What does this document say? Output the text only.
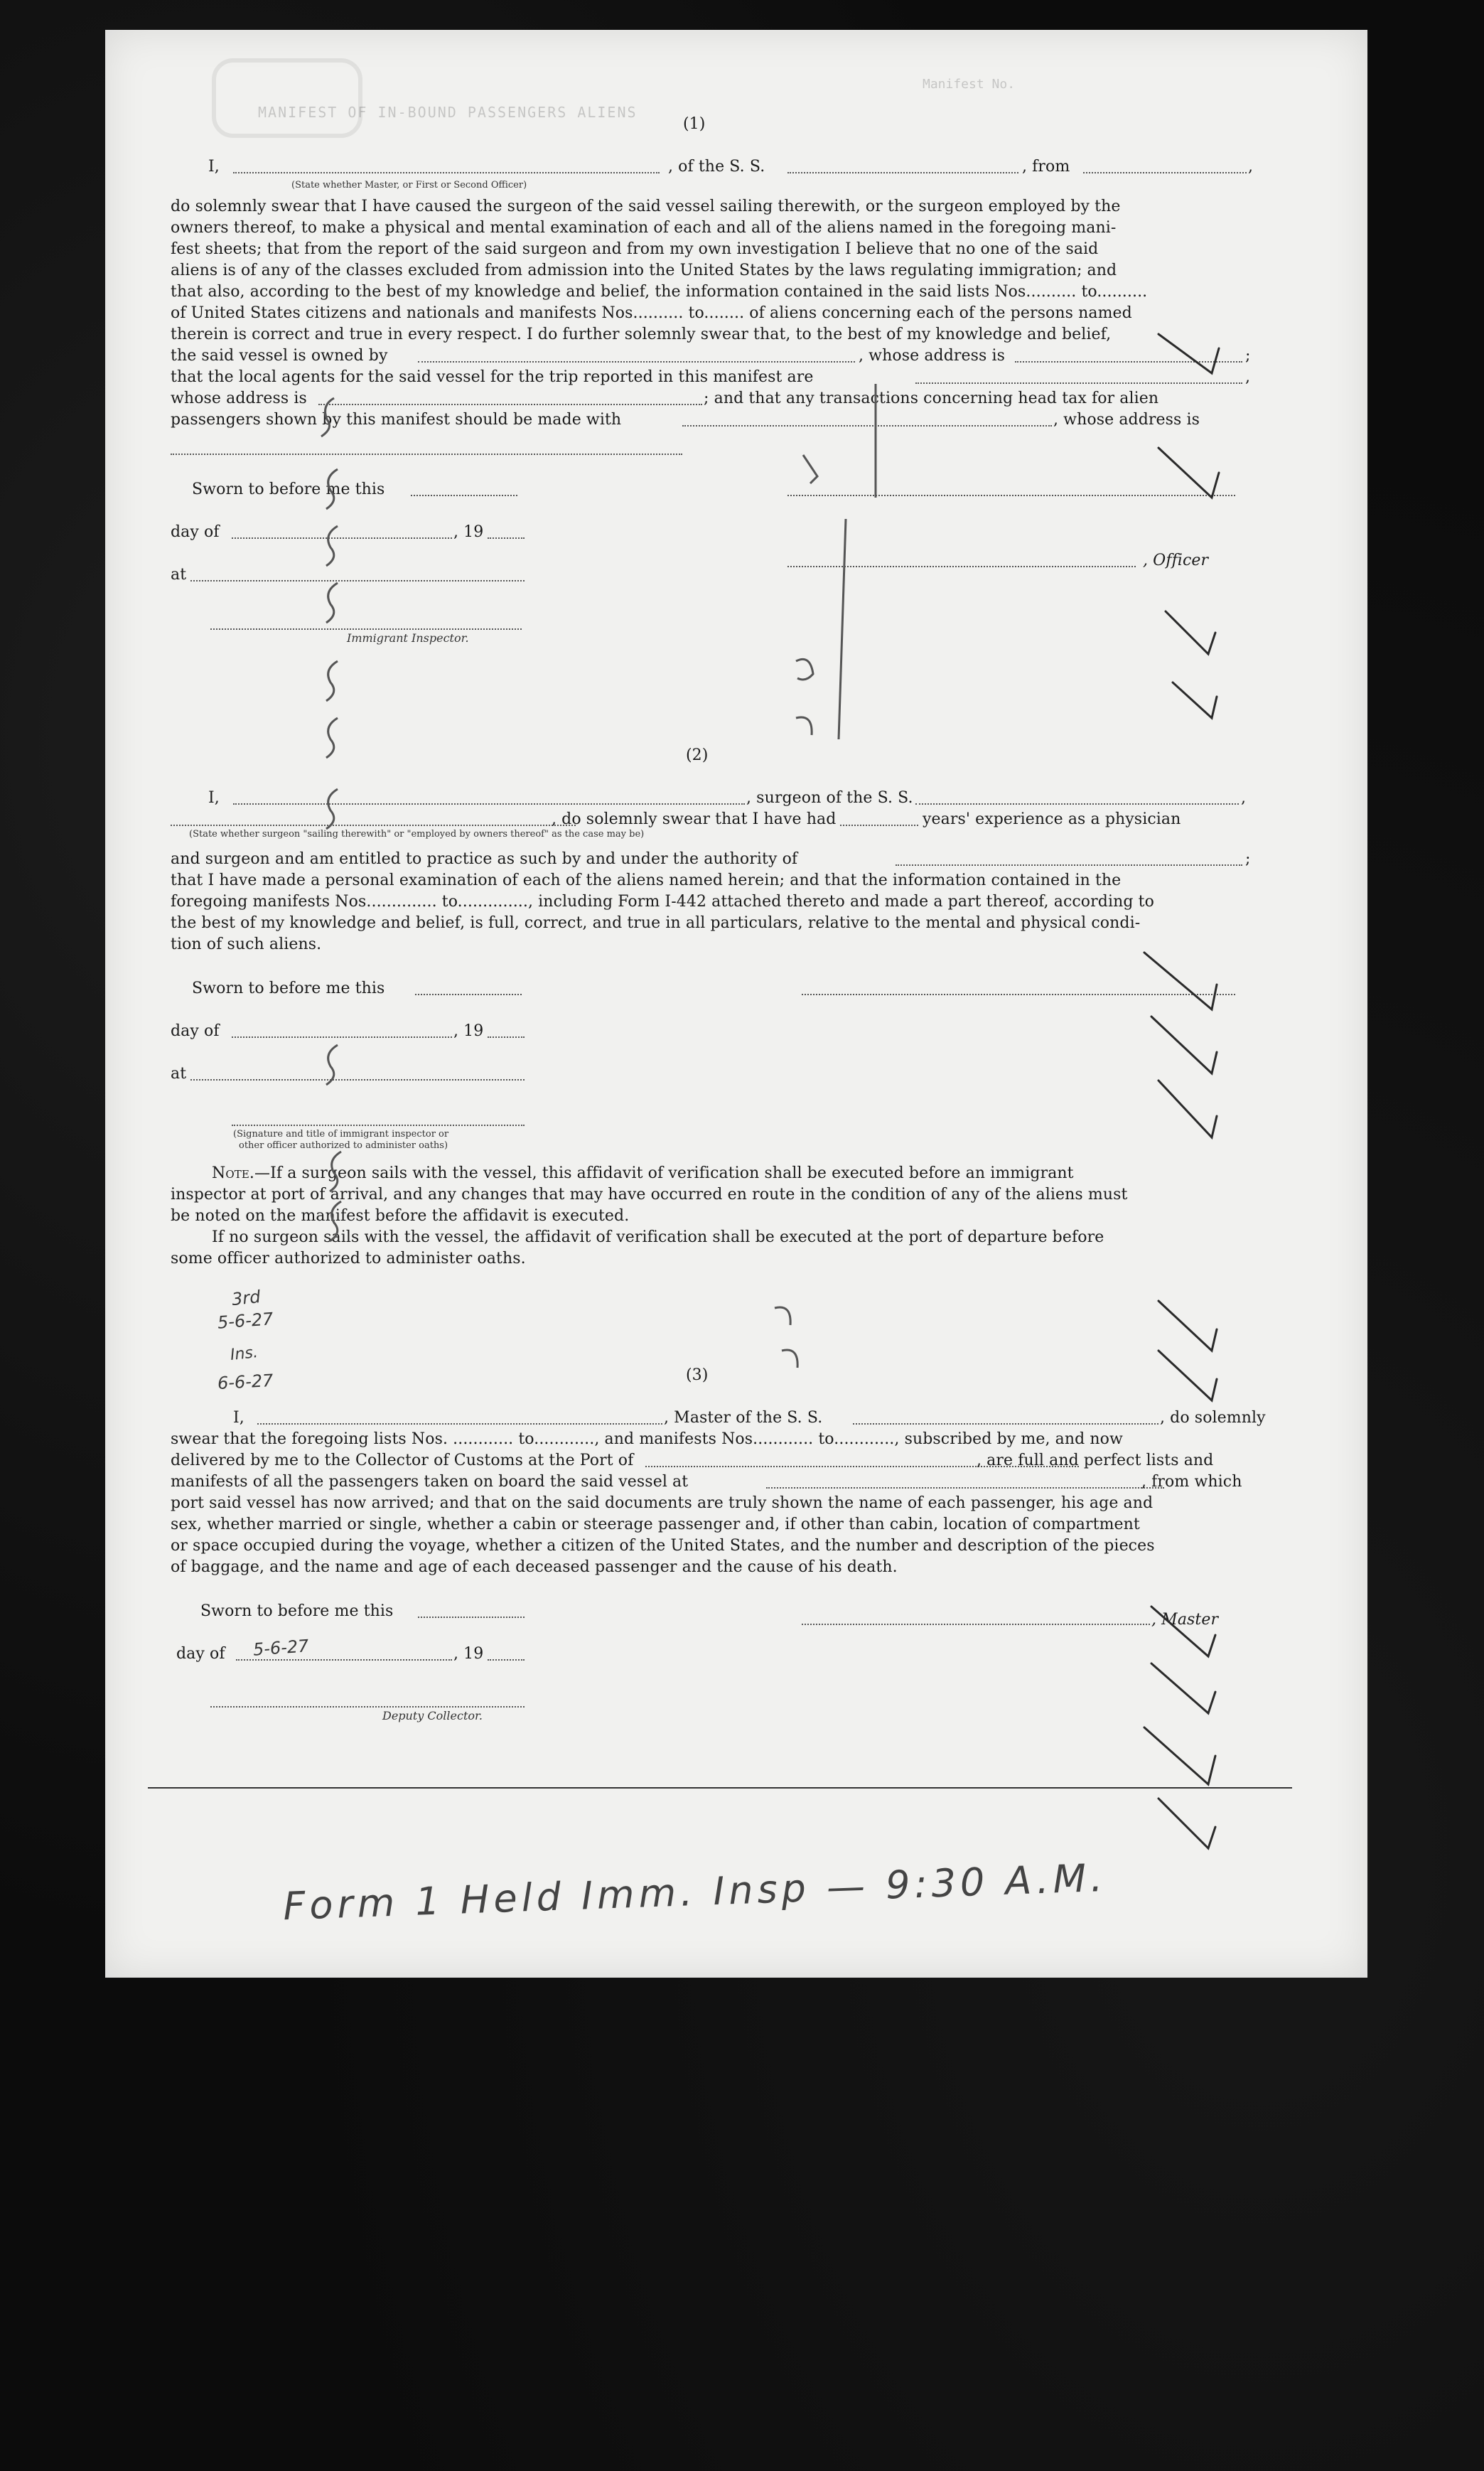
Manifest No.
MANIFEST OF IN-BOUND PASSENGERS ALIENS
(1)
I,	, of the S. S.	, from	,
(State whether Master, or First or Second Officer)
do solemnly swear that I have caused the surgeon of the said vessel sailing therewith, or the surgeon employed by the
owners thereof, to make a physical and mental examination of each and all of the aliens named in the foregoing mani-
fest sheets; that from the report of the said surgeon and from my own investigation I believe that no one of the said
aliens is of any of the classes excluded from admission into the United States by the laws regulating immigration; and
that also, according to the best of my knowledge and belief, the information contained in the said lists Nos.......... to..........
of United States citizens and nationals and manifests Nos.......... to........ of aliens concerning each of the persons named
therein is correct and true in every respect. I do further solemnly swear that, to the best of my knowledge and belief,
the said vessel is owned by	, whose address is	;
that the local agents for the said vessel for the trip reported in this manifest are	,
whose address is	; and that any transactions concerning head tax for alien
passengers shown by this manifest should be made with	, whose address is
Sworn to before me this
day of	, 19
at
Immigrant Inspector.
, Officer
(2)
I,	, surgeon of the S. S.	,
, do solemnly swear that I have had	years' experience as a physician
(State whether surgeon "sailing therewith" or "employed by owners thereof" as the case may be)
and surgeon and am entitled to practice as such by and under the authority of	;
that I have made a personal examination of each of the aliens named herein; and that the information contained in the
foregoing manifests Nos.............. to.............., including Form I-442 attached thereto and made a part thereof, according to
the best of my knowledge and belief, is full, correct, and true in all particulars, relative to the mental and physical condi-
tion of such aliens.
Sworn to before me this
day of	, 19
at
(Signature and title of immigrant inspector or
other officer authorized to administer oaths)
Note.—If a surgeon sails with the vessel, this affidavit of verification shall be executed before an immigrant
inspector at port of arrival, and any changes that may have occurred en route in the condition of any of the aliens must
be noted on the manifest before the affidavit is executed.
If no surgeon sails with the vessel, the affidavit of verification shall be executed at the port of departure before
some officer authorized to administer oaths.
(3)
I,	, Master of the S. S.	, do solemnly
swear that the foregoing lists Nos. ............ to............, and manifests Nos............ to............, subscribed by me, and now
delivered by me to the Collector of Customs at the Port of	, are full and perfect lists and
manifests of all the passengers taken on board the said vessel at	, from which
port said vessel has now arrived; and that on the said documents are truly shown the name of each passenger, his age and
sex, whether married or single, whether a cabin or steerage passenger and, if other than cabin, location of compartment
or space occupied during the voyage, whether a citizen of the United States, and the number and description of the pieces
of baggage, and the name and age of each deceased passenger and the cause of his death.
Sworn to before me this	, Master
day of	, 19
Deputy Collector.
3rd
5-6-27
Ins.
6-6-27
5-6-27
Form 1 Held Imm. Insp — 9:30 A.M.
